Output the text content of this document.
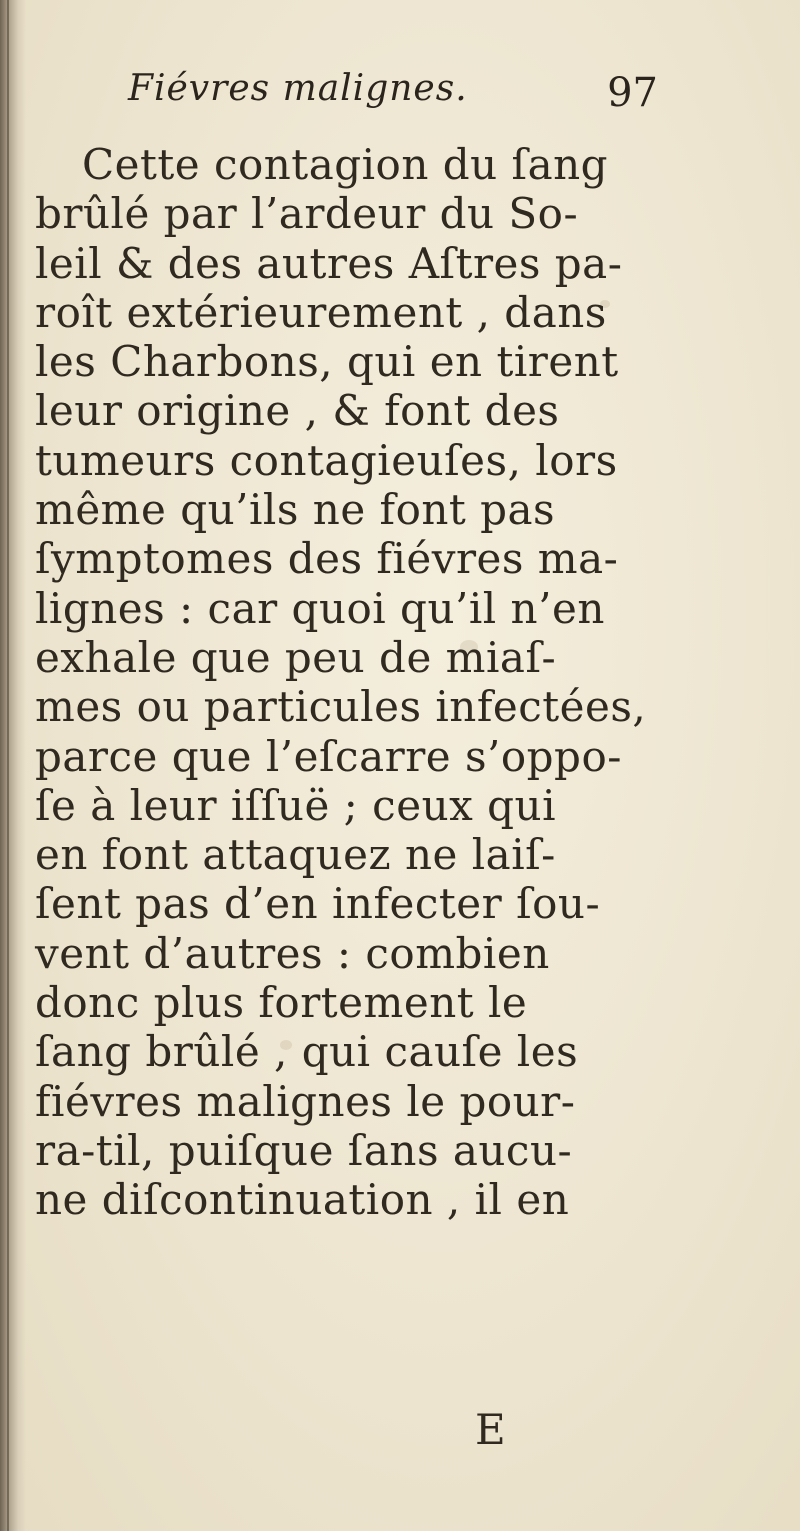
Fiévres malignes.	97
Cette contagion du ſang
brûlé par l’ardeur du So-
leil & des autres Aſtres pa-
roît extérieurement , dans
les Charbons, qui en tirent
leur origine , & font des
tumeurs contagieuſes, lors
même qu’ils ne font pas
ſymptomes des fiévres ma-
lignes : car quoi qu’il n’en
exhale que peu de miaſ-
mes ou particules infectées,
parce que l’eſcarre s’oppo-
ſe à leur iſſuë ; ceux qui
en font attaquez ne laiſ-
ſent pas d’en infecter ſou-
vent d’autres : combien
donc plus fortement le
ſang brûlé , qui cauſe les
fiévres malignes le pour-
ra-til, puiſque ſans aucu-
ne diſcontinuation , il en
E
